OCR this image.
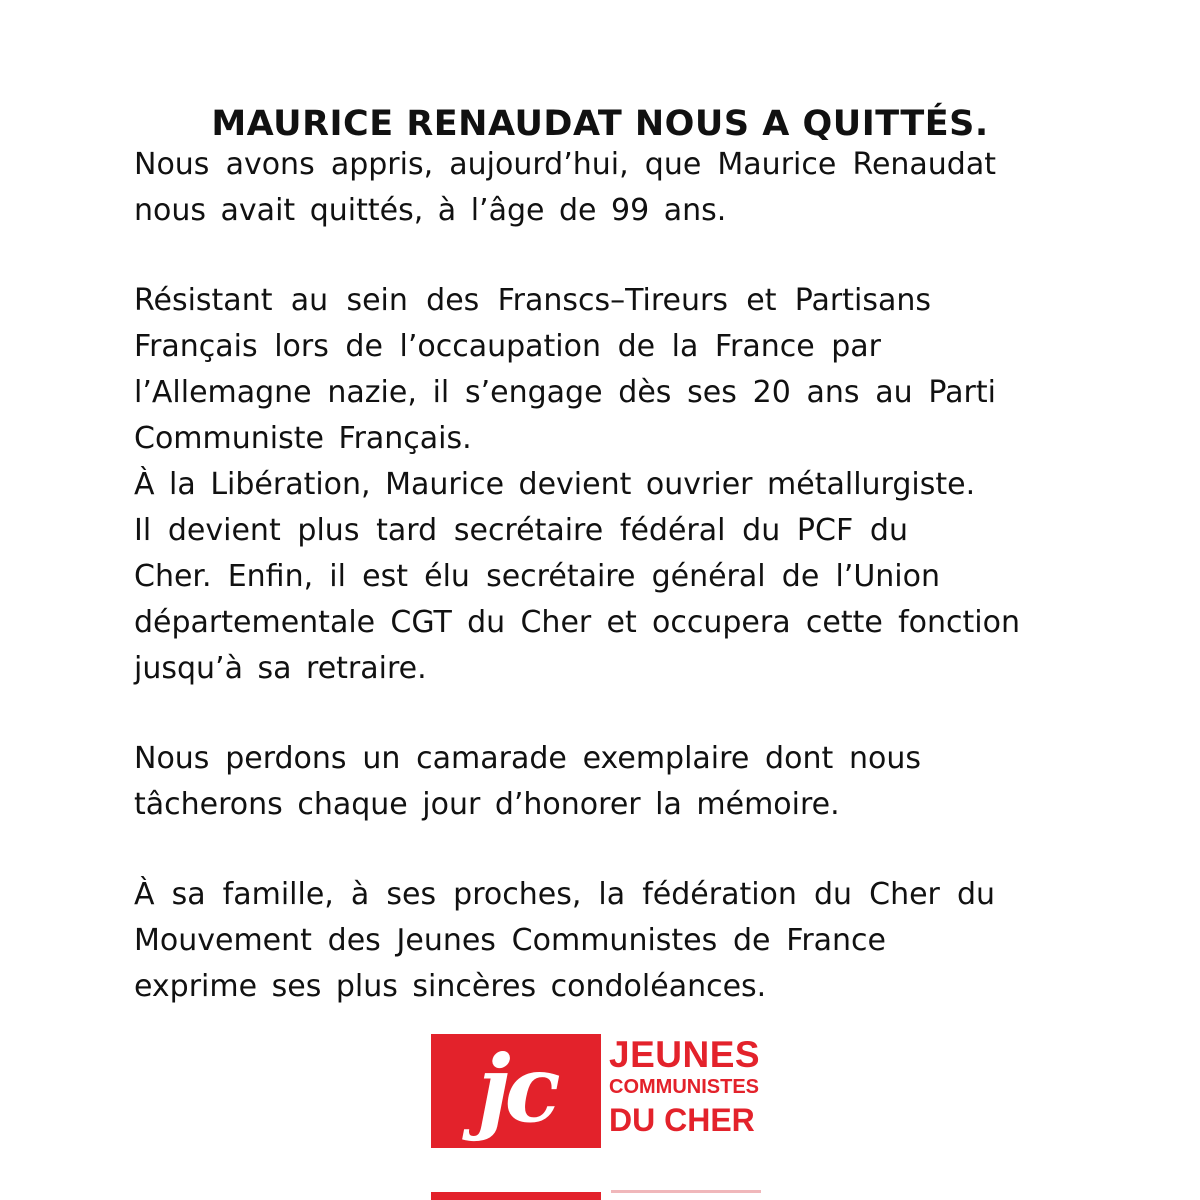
MAURICE RENAUDAT NOUS A QUITTÉS.
Nous avons appris, aujourd’hui, que Maurice Renaudat
nous avait quittés, à l’âge de 99 ans.
Résistant au sein des Franscs–Tireurs et Partisans
Français lors de l’occaupation de la France par
l’Allemagne nazie, il s’engage dès ses 20 ans au Parti
Communiste Français.
À la Libération, Maurice devient ouvrier métallurgiste.
Il devient plus tard secrétaire fédéral du PCF du
Cher. Enfin, il est élu secrétaire général de l’Union
départementale CGT du Cher et occupera cette fonction
jusqu’à sa retraire.
Nous perdons un camarade exemplaire dont nous
tâcherons chaque jour d’honorer la mémoire.
À sa famille, à ses proches, la fédération du Cher du
Mouvement des Jeunes Communistes de France
exprime ses plus sincères condoléances.
jc	JEUNES
COMMUNISTES
DU CHER
